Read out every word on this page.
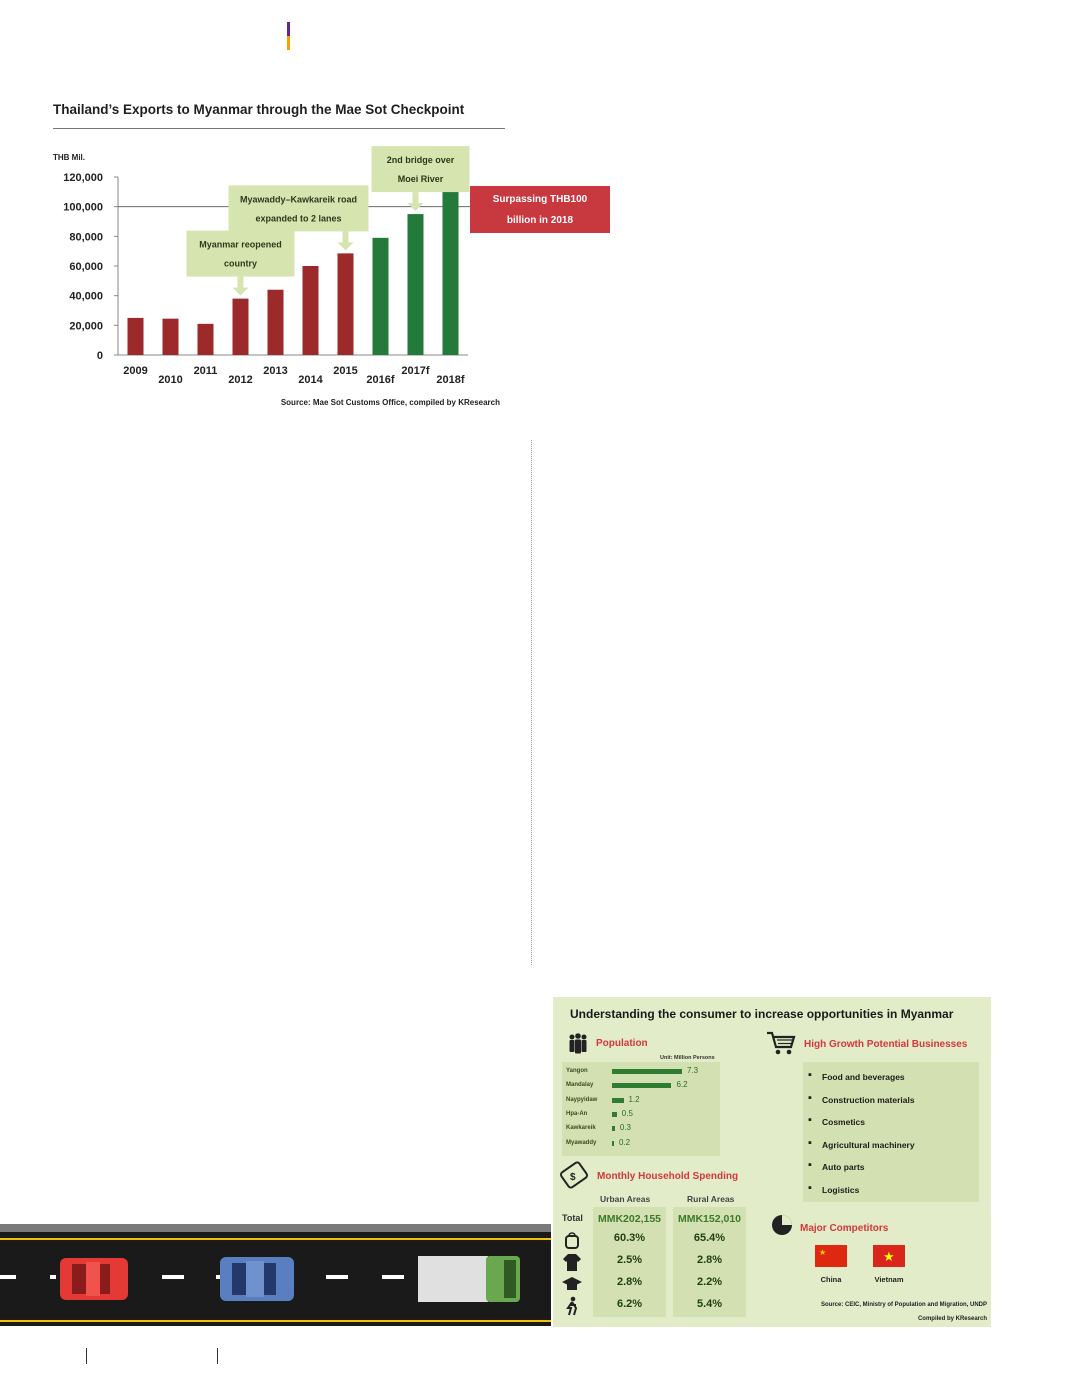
Thailand’s Exports to Myanmar through the Mae Sot Checkpoint
THB Mil.
120,000
100,000
80,000
60,000
40,000
20,000
0
2009
2010
2011
2012
2013
2014
2015
2016f
2017f
2018f
Myanmar reopened
country
Myawaddy–Kawkareik road
expanded to 2 lanes
2nd bridge over
Moei River
Surpassing THB100
billion in 2018
Source: Mae Sot Customs Office, compiled by KResearch
Understanding the consumer to increase opportunities in Myanmar
Population
Unit: Million Persons
Yangon	7.3
Mandalay	6.2
Naypyidaw	1.2
Hpa-An	0.5
Kawkareik	0.3
Myawaddy	0.2
High Growth Potential Businesses
▪ Food and beverages
▪ Construction materials
▪ Cosmetics
▪ Agricultural machinery
▪ Auto parts
▪ Logistics
$ Monthly Household Spending
Urban Areas	Rural Areas
Total	MMK202,155	MMK152,010
60.3%	65.4%
2.5%	2.8%
2.8%	2.2%
6.2%	5.4%
Major Competitors
★	★
China	Vietnam
Source: CEIC, Ministry of Population and Migration, UNDP
Compiled by KResearch
